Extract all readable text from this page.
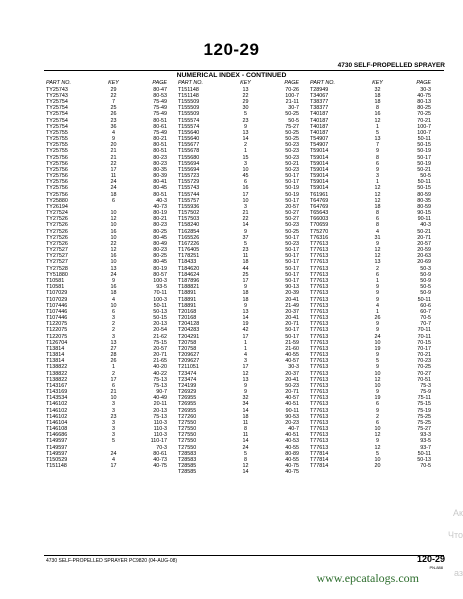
120-29
4730 SELF-PROPELLED SPRAYER
NUMERICAL INDEX - CONTINUED
PART NO.	KEY	PAGE
TY25743	29	80-47
TY25743	22	80-53
TY25754	7	75-49
TY25754	25	75-49
TY25754	26	75-49
TY25754	23	80-51
TY25754	36	80-61
TY25755	4	75-49
TY25755	9	80-21
TY25755	20	80-51
TY25755	21	80-51
TY25756	21	80-23
TY25756	22	80-23
TY25756	17	80-35
TY25756	11	80-39
TY25756	24	80-41
TY25756	24	80-45
TY25756	18	80-51
TY25880	6	40-3
TY26194	40-73
TY27524	10	80-19
TY27526	12	80-21
TY27526	10	80-23
TY27526	16	80-25
TY27526	10	80-45
TY27526	22	80-49
TY27527	12	80-23
TY27527	16	80-25
TY27527	10	80-45
TY27528	13	80-19
TY51880	24	80-57
T10581	9	100-3
T10581	16	93-5
T107029	18	70-11
T107029	4	100-3
T107446	10	50-11
T107446	6	50-13
T107446	3	50-15
T122075	2	20-13
T122075	2	20-54
T122075	3	21-62
T126704	13	75-15
T13814	27	20-57
T13814	28	20-71
T13814	26	21-65
T138822	1	40-20
T138822	2	40-22
T138822	17	75-13
T143167	6	75-13
T143169	21	90-7
T143534	10	40-49
T146102	3	20-11
T146102	3	20-13
T146102	23	75-13
T146104	3	110-3
T146108	3	110-3
T146686	3	110-3
T149597	5	110-17
T149597	70-3
T149597	24	80-61
T150529	4	40-73
T151148	17	40-75
PART NO.	KEY	PAGE
T151148	13	70-26
T151148	22	100-7
T155509	29	21-11
T155509	30	30-7
T155509	5	50-25
T155574	23	50-5
T155574	9	75-27
T155640	13	50-25
T155640	14	50-25
T155677	2	50-23
T155678	1	50-23
T155680	15	50-23
T155694	3	50-21
T155694	10	50-23
T155723	45	50-17
T155729	6	50-17
T155743	16	50-19
T155744	17	50-19
T155757	10	50-17
T155936	3	20-57
T157502	21	50-27
T157503	22	50-27
T158240	14	50-23
T162854	9	50-25
T165526	37	50-17
T167226	5	50-23
T176405	23	50-17
T178251	11	50-17
T18433	18	50-17
T184620	44	50-17
T184624	25	50-17
T187896	17	50-17
T188821	9	90-13
T18891	18	20-39
T18891	18	20-41
T18891	9	21-49
T20168	13	20-37
T20168	14	20-41
T204128	19	20-71
T204283	42	50-17
T204291	17	50-17
T20758	1	21-59
T20758	1	21-60
T209627	4	40-55
T209627	3	40-57
T211051	17	30-3
T23474	12	20-37
T23474	13	20-41
T24199	9	50-23
T26929	9	20-71
T26955	32	40-57
T26955	34	40-51
T26955	14	90-11
T27260	18	90-53
T27550	11	20-23
T27550	8	40-7
T27550	11	40-51
T27550	14	40-53
T27550	24	40-55
T28583	5	80-89
T28583	8	40-55
T28585	12	40-75
T28585	14	40-75
PART NO.	KEY	PAGE
T28949	32	30-3
T34067	18	40-75
T38377	18	80-13
T38377	8	80-25
T40187	16	70-25
T40187	12	70-21
T40187	1	100-7
T40187	5	100-7
T54907	13	50-11
T54907	7	50-15
T59014	9	50-19
T59014	8	50-17
T59014	6	50-19
T59014	9	50-21
T59014	3	50-5
T59014	1	50-11
T59014	12	50-15
T61961	12	80-59
T64769	12	80-35
T64769	18	80-59
T65643	8	90-15
T66003	6	90-11
T70659	8	40-3
T75270	4	50-21
T76316	31	20-71
T77613	9	20-57
T77613	12	20-59
T77613	12	20-63
T77613	13	20-69
T77613	2	50-3
T77613	6	50-9
T77613	1	50-9
T77613	9	50-5
T77613	9	50-9
T77613	9	50-11
T77613	4	60-6
T77613	1	60-7
T77613	26	70-5
T77613	9	70-7
T77613	9	70-11
T77613	24	70-11
T77613	10	70-15
T77613	19	70-17
T77613	9	70-21
T77613	5	70-23
T77613	9	70-25
T77613	10	70-27
T77613	12	70-51
T77613	10	75-3
T77613	9	75-9
T77613	19	75-11
T77613	6	75-15
T77613	9	75-19
T77613	2	75-25
T77613	6	75-25
T77613	10	75-27
T77613	12	93-3
T77613	9	93-5
T77613	12	93-7
T77814	5	50-11
T77814	10	50-13
T77814	20	70-5
4730 SELF-PROPELLED SPRAYER PC9820 (04-AUG-08)	120-29
PN-888
www.epcatalogs.com
Ак
Что
аз
